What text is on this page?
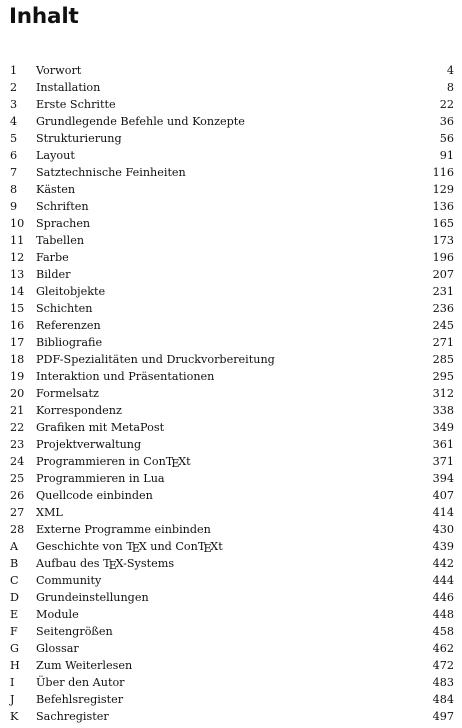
Inhalt
1 Vorwort	4
2 Installation	8
3 Erste Schritte	22
4 Grundlegende Befehle und Konzepte	36
5 Strukturierung	56
6 Layout	91
7 Satztechnische Feinheiten	116
8 Kästen	129
9 Schriften	136
10 Sprachen	165
11 Tabellen	173
12 Farbe	196
13 Bilder	207
14 Gleitobjekte	231
15 Schichten	236
16 Referenzen	245
17 Bibliografie	271
18 PDF-Spezialitäten und Druckvorbereitung	285
19 Interaktion und Präsentationen	295
20 Formelsatz	312
21 Korrespondenz	338
22 Grafiken mit MetaPost	349
23 Projektverwaltung	361
24 Programmieren in ConTEXt	371
25 Programmieren in Lua	394
26 Quellcode einbinden	407
27 XML	414
28 Externe Programme einbinden	430
A Geschichte von TEX und ConTEXt	439
B Aufbau des TEX-Systems	442
C Community	444
D Grundeinstellungen	446
E Module	448
F Seitengrößen	458
G Glossar	462
H Zum Weiterlesen	472
I Über den Autor	483
J Befehlsregister	484
K Sachregister	497
